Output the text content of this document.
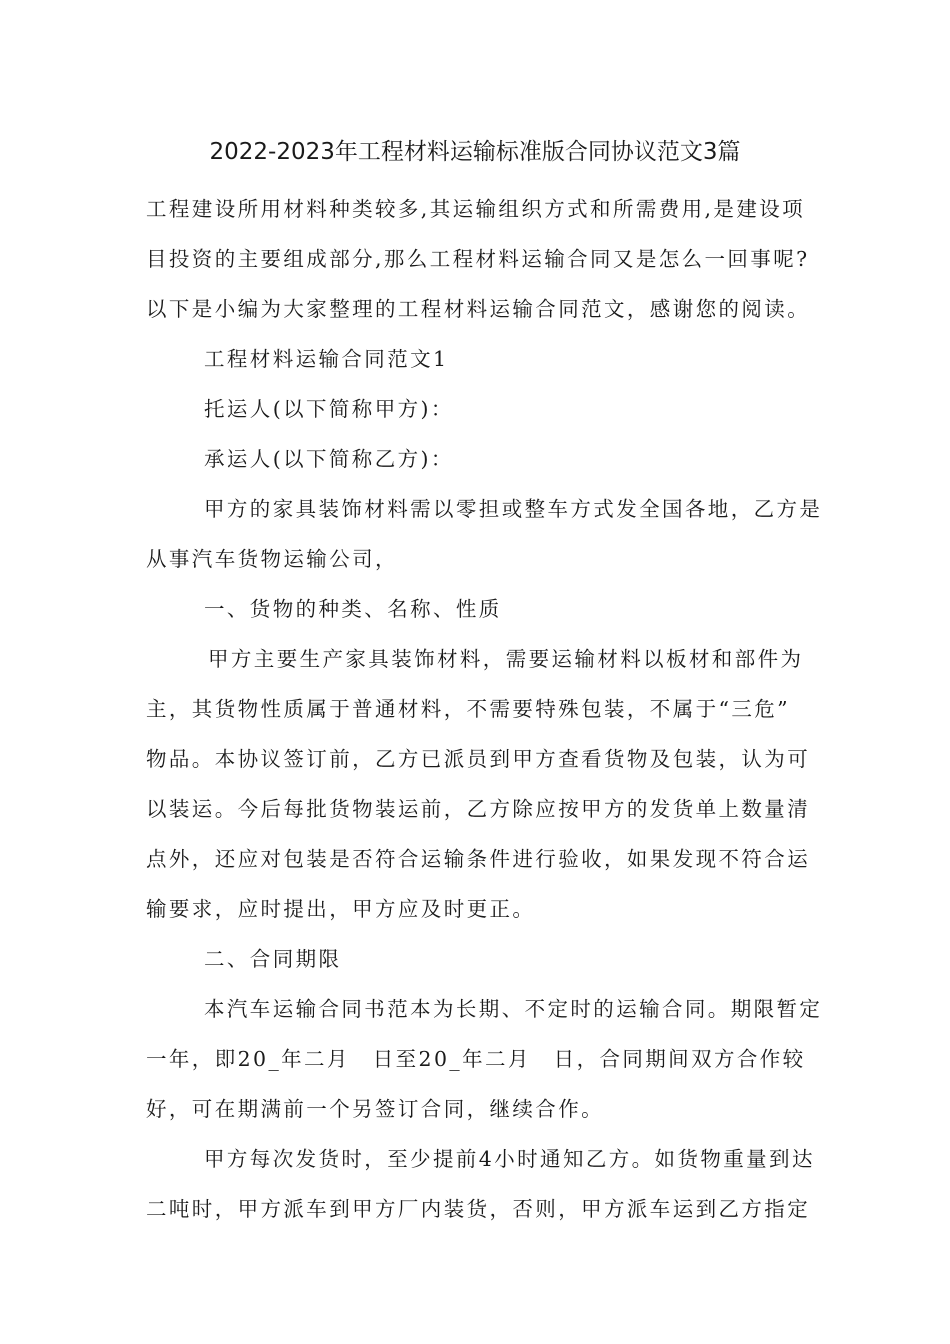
2022-2023年工程材料运输标准版合同协议范文3篇
工程建设所用材料种类较多,其运输组织方式和所需费用,是建设项
目投资的主要组成部分,那么工程材料运输合同又是怎么一回事呢?
以下是小编为大家整理的工程材料运输合同范文，感谢您的阅读。
工程材料运输合同范文1
托运人(以下简称甲方)：
承运人(以下简称乙方)：
甲方的家具装饰材料需以零担或整车方式发全国各地，乙方是
从事汽车货物运输公司，
一、货物的种类、名称、性质
甲方主要生产家具装饰材料，需要运输材料以板材和部件为
主，其货物性质属于普通材料，不需要特殊包装，不属于“三危”
物品。本协议签订前，乙方已派员到甲方查看货物及包装，认为可
以装运。今后每批货物装运前，乙方除应按甲方的发货单上数量清
点外，还应对包装是否符合运输条件进行验收，如果发现不符合运
输要求，应时提出，甲方应及时更正。
二、合同期限
本汽车运输合同书范本为长期、不定时的运输合同。期限暂定
一年，即20_年二月　日至20_年二月　日，合同期间双方合作较
好，可在期满前一个另签订合同，继续合作。
甲方每次发货时，至少提前4小时通知乙方。如货物重量到达
二吨时，甲方派车到甲方厂内装货，否则，甲方派车运到乙方指定
